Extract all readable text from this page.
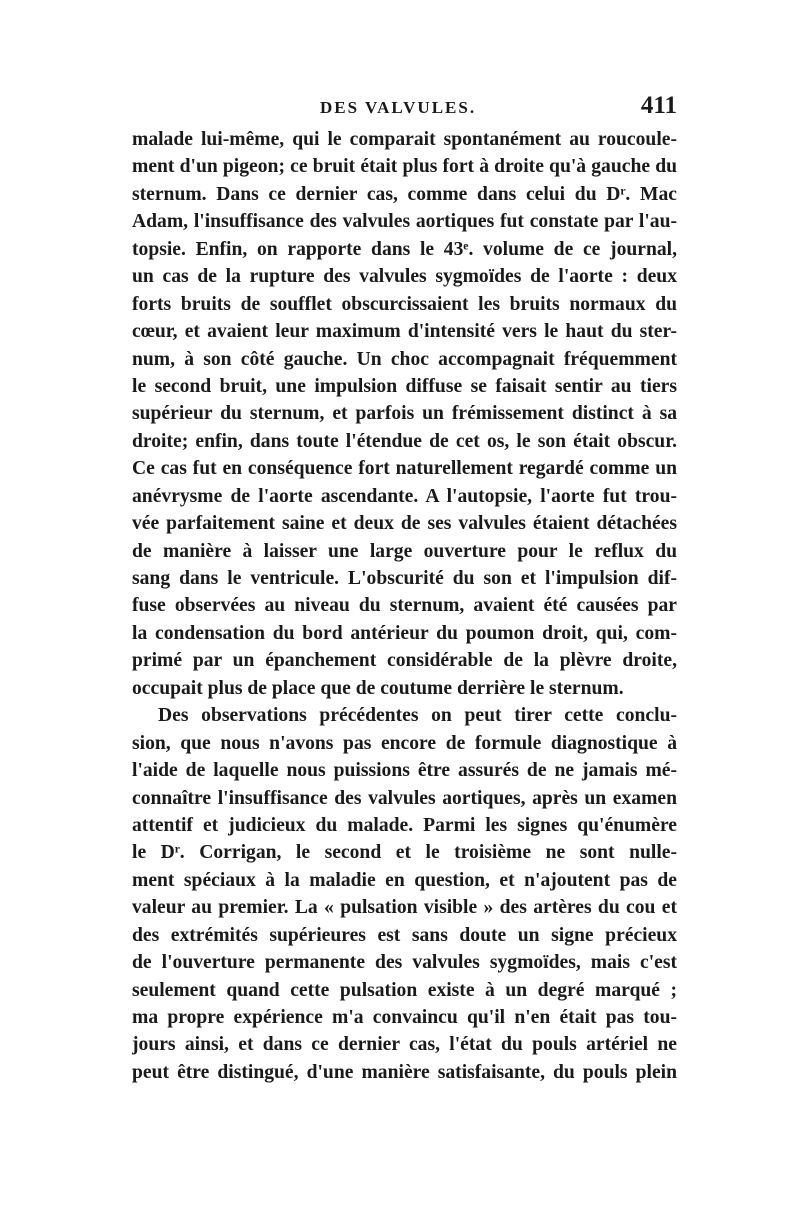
DES VALVULES.	411
malade lui-même, qui le comparait spontanément au roucoule-
ment d'un pigeon; ce bruit était plus fort à droite qu'à gauche du
sternum. Dans ce dernier cas, comme dans celui du Dʳ. Mac
Adam, l'insuffisance des valvules aortiques fut constate par l'au-
topsie. Enfin, on rapporte dans le 43ᵉ. volume de ce journal,
un cas de la rupture des valvules sygmoïdes de l'aorte : deux
forts bruits de soufflet obscurcissaient les bruits normaux du
cœur, et avaient leur maximum d'intensité vers le haut du ster-
num, à son côté gauche. Un choc accompagnait fréquemment
le second bruit, une impulsion diffuse se faisait sentir au tiers
supérieur du sternum, et parfois un frémissement distinct à sa
droite; enfin, dans toute l'étendue de cet os, le son était obscur.
Ce cas fut en conséquence fort naturellement regardé comme un
anévrysme de l'aorte ascendante. A l'autopsie, l'aorte fut trou-
vée parfaitement saine et deux de ses valvules étaient détachées
de manière à laisser une large ouverture pour le reflux du
sang dans le ventricule. L'obscurité du son et l'impulsion dif-
fuse observées au niveau du sternum, avaient été causées par
la condensation du bord antérieur du poumon droit, qui, com-
primé par un épanchement considérable de la plèvre droite,
occupait plus de place que de coutume derrière le sternum.
Des observations précédentes on peut tirer cette conclu-
sion, que nous n'avons pas encore de formule diagnostique à
l'aide de laquelle nous puissions être assurés de ne jamais mé-
connaître l'insuffisance des valvules aortiques, après un examen
attentif et judicieux du malade. Parmi les signes qu'énumère
le Dʳ. Corrigan, le second et le troisième ne sont nulle-
ment spéciaux à la maladie en question, et n'ajoutent pas de
valeur au premier. La « pulsation visible » des artères du cou et
des extrémités supérieures est sans doute un signe précieux
de l'ouverture permanente des valvules sygmoïdes, mais c'est
seulement quand cette pulsation existe à un degré marqué ;
ma propre expérience m'a convaincu qu'il n'en était pas tou-
jours ainsi, et dans ce dernier cas, l'état du pouls artériel ne
peut être distingué, d'une manière satisfaisante, du pouls plein
